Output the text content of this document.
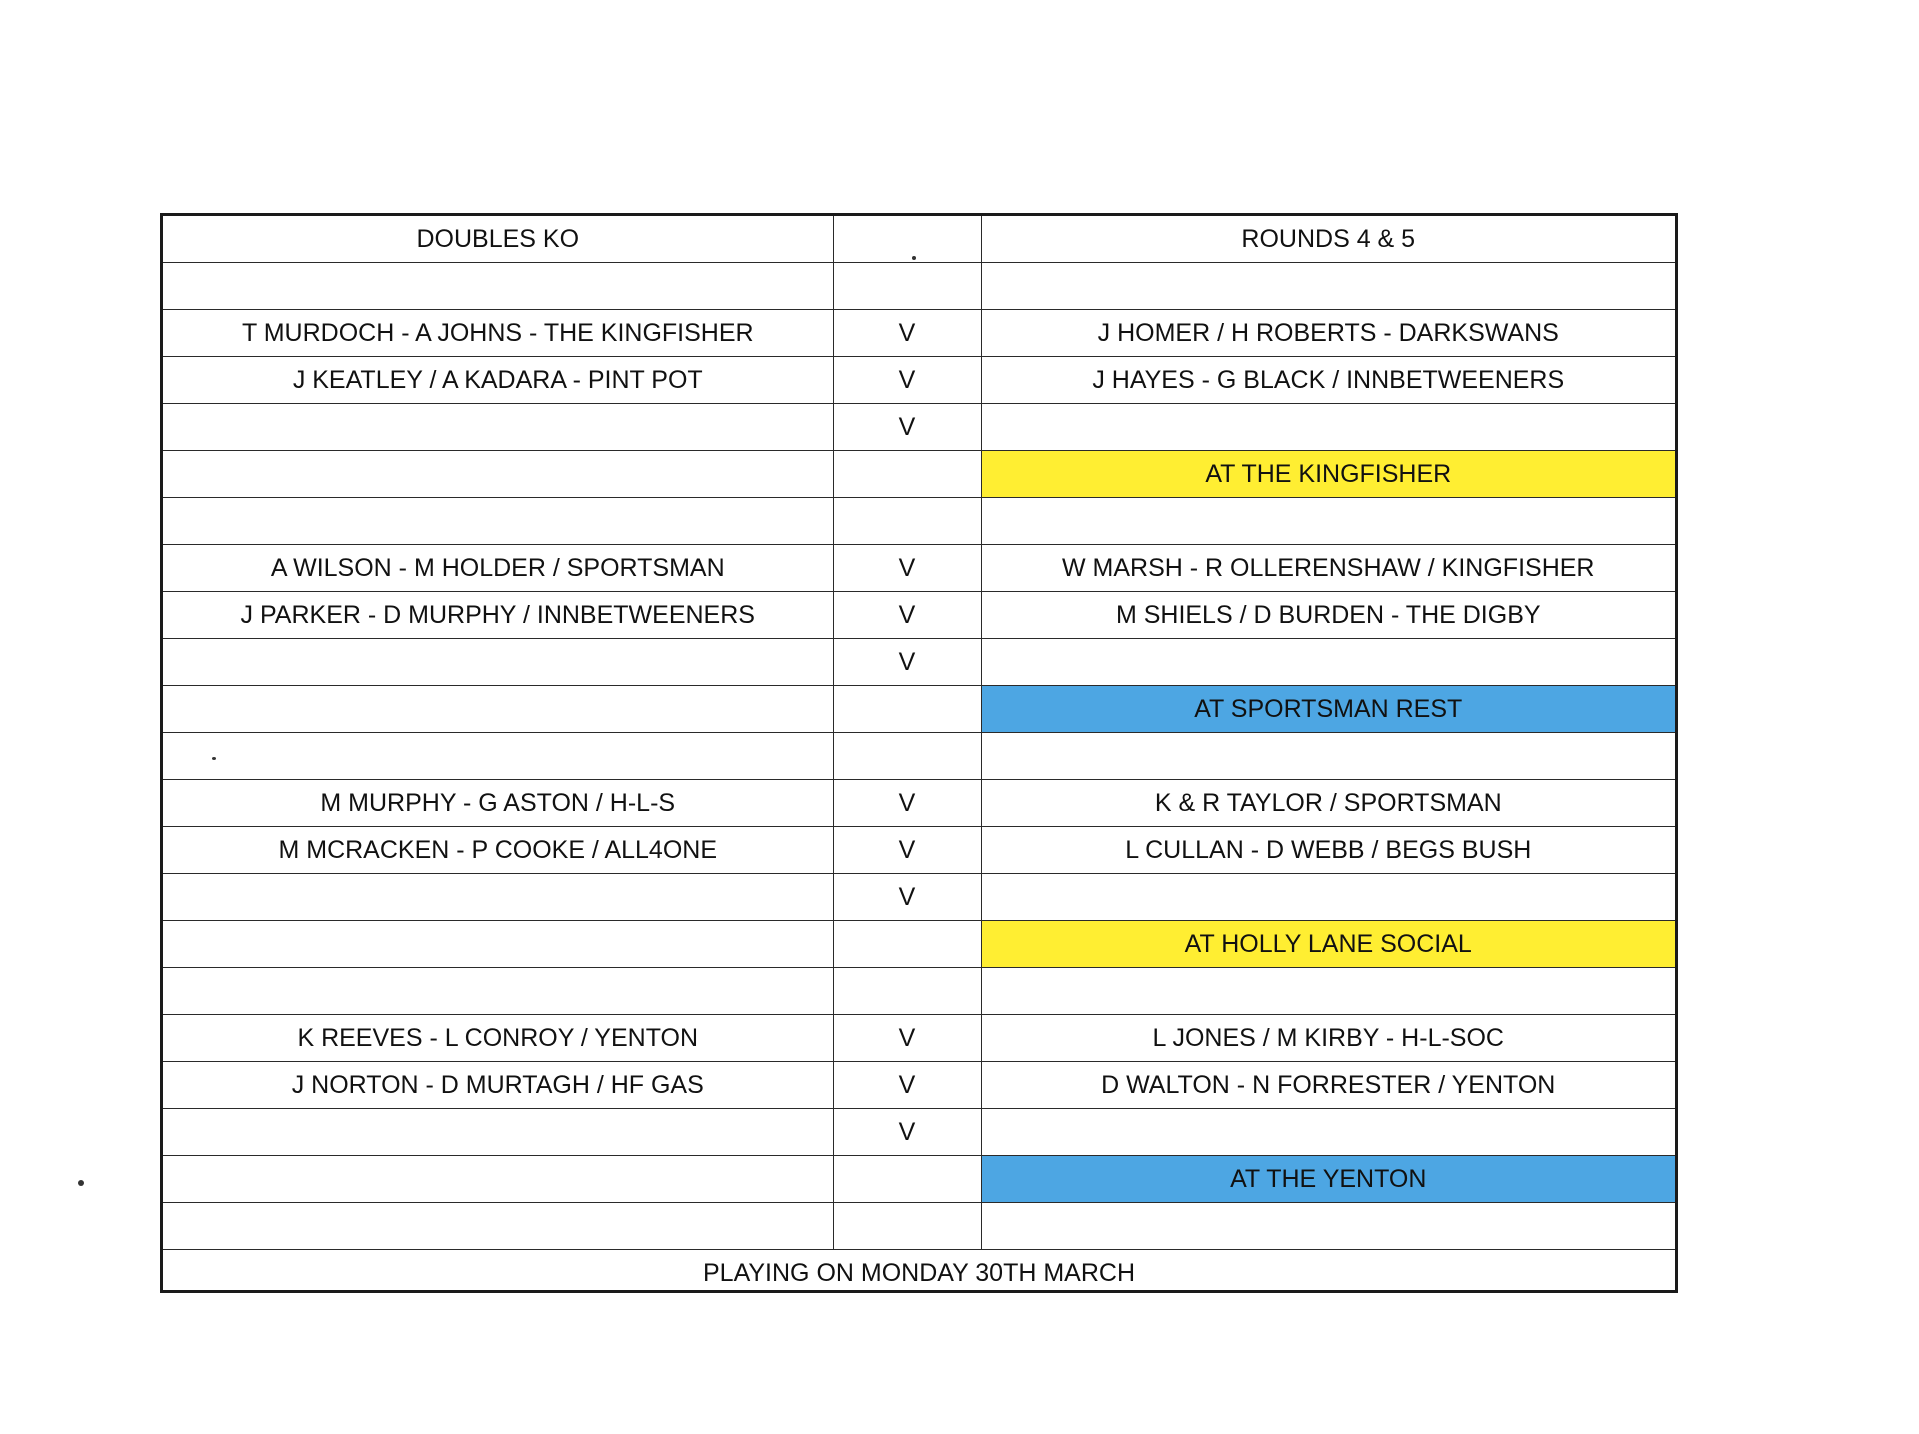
DOUBLES KO		ROUNDS 4 & 5

T MURDOCH - A JOHNS - THE KINGFISHER	V	J HOMER / H ROBERTS - DARKSWANS
J KEATLEY / A KADARA - PINT POT	V	J HAYES - G BLACK / INNBETWEENERS
	V	
		AT THE KINGFISHER

A WILSON - M HOLDER / SPORTSMAN	V	W MARSH - R OLLERENSHAW / KINGFISHER
J PARKER - D MURPHY / INNBETWEENERS	V	M SHIELS / D BURDEN - THE DIGBY
	V	
		AT SPORTSMAN REST

M MURPHY - G ASTON / H-L-S	V	K & R TAYLOR / SPORTSMAN
M MCRACKEN - P COOKE / ALL4ONE	V	L CULLAN - D WEBB / BEGS BUSH
	V	
		AT HOLLY LANE SOCIAL

K REEVES - L CONROY / YENTON	V	L JONES / M KIRBY - H-L-SOC
J NORTON - D MURTAGH / HF GAS	V	D WALTON - N FORRESTER / YENTON
	V	
		AT THE YENTON

PLAYING ON MONDAY 30TH MARCH		
